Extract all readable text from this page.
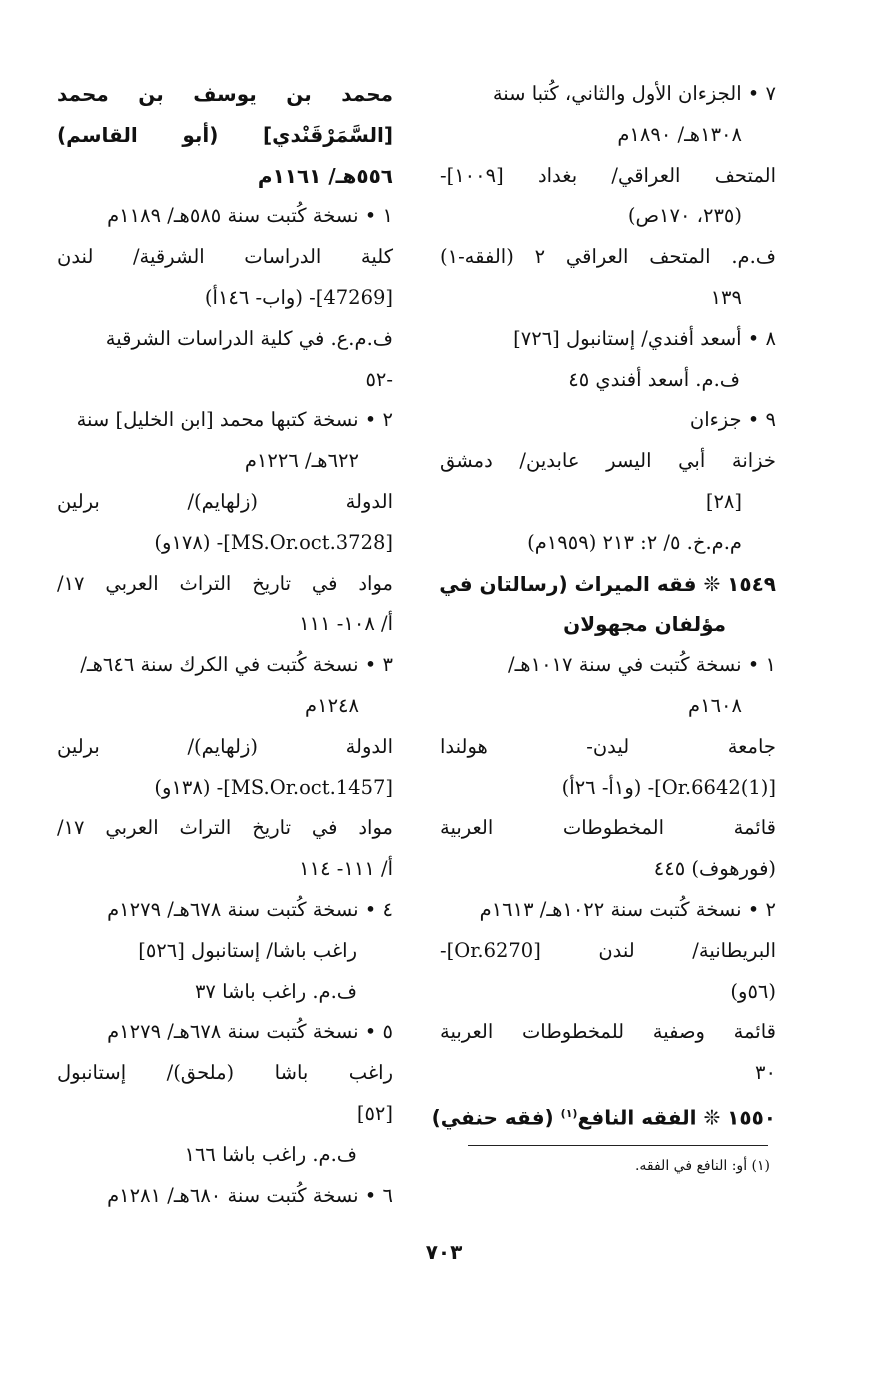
٧ • الجزءان الأول والثاني، كُتبا سنة
١٣٠٨هـ/ ١٨٩٠م
المتحف العراقي/ بغداد [١٠٠٩]-
(٢٣٥، ١٧٠ص)
ف.م. المتحف العراقي ٢ (الفقه-١)
١٣٩
٨ • أسعد أفندي/ إستانبول [٧٢٦]
ف.م. أسعد أفندي ٤٥
٩ • جزءان
خزانة أبي اليسر عابدين/ دمشق
[٢٨]
م.م.خ. ٥/ ٢: ٢١٣ (١٩٥٩م)
١٥٤٩ ❊ فقه الميراث (رسالتان في
مؤلفان مجهولان
١ • نسخة كُتبت في سنة ١٠١٧هـ/
١٦٠٨م
جامعة ليدن- هولندا
[Or.6642(1)]- (و١أ- ٢٦أ)
قائمة المخطوطات العربية
(فورهوف) ٤٤٥
٢ • نسخة كُتبت سنة ١٠٢٢هـ/ ١٦١٣م
البريطانية/ لندن [Or.6270]-
(٥٦و)
قائمة وصفية للمخطوطات العربية
٣٠
١٥٥٠ ❊ الفقه النافع$^{(١)}$ (فقه حنفي)
محمد بن يوسف بن محمد
[السَّمَرْقَنْدي] (أبو القاسم)
٥٥٦هـ/ ١١٦١م
١ • نسخة كُتبت سنة ٥٨٥هـ/ ١١٨٩م
كلية الدراسات الشرقية/ لندن
[47269]- (واب- ١٤٦أ)
ف.م.ع. في كلية الدراسات الشرقية
-٥٢
٢ • نسخة كتبها محمد [ابن الخليل] سنة
٦٢٢هـ/ ١٢٢٦م
الدولة (زلهايم)/ برلين
[MS.Or.oct.3728]- (١٧٨و)
مواد في تاريخ التراث العربي ١٧/
أ/ ١٠٨- ١١١
٣ • نسخة كُتبت في الكرك سنة ٦٤٦هـ/
١٢٤٨م
الدولة (زلهايم)/ برلين
[MS.Or.oct.1457]- (١٣٨و)
مواد في تاريخ التراث العربي ١٧/
أ/ ١١١- ١١٤
٤ • نسخة كُتبت سنة ٦٧٨هـ/ ١٢٧٩م
راغب باشا/ إستانبول [٥٢٦]
ف.م. راغب باشا ٣٧
٥ • نسخة كُتبت سنة ٦٧٨هـ/ ١٢٧٩م
راغب باشا (ملحق)/ إستانبول
[٥٢]
ف.م. راغب باشا ١٦٦
٦ • نسخة كُتبت سنة ٦٨٠هـ/ ١٢٨١م
(١) أو: النافع في الفقه.
٧٠٣
